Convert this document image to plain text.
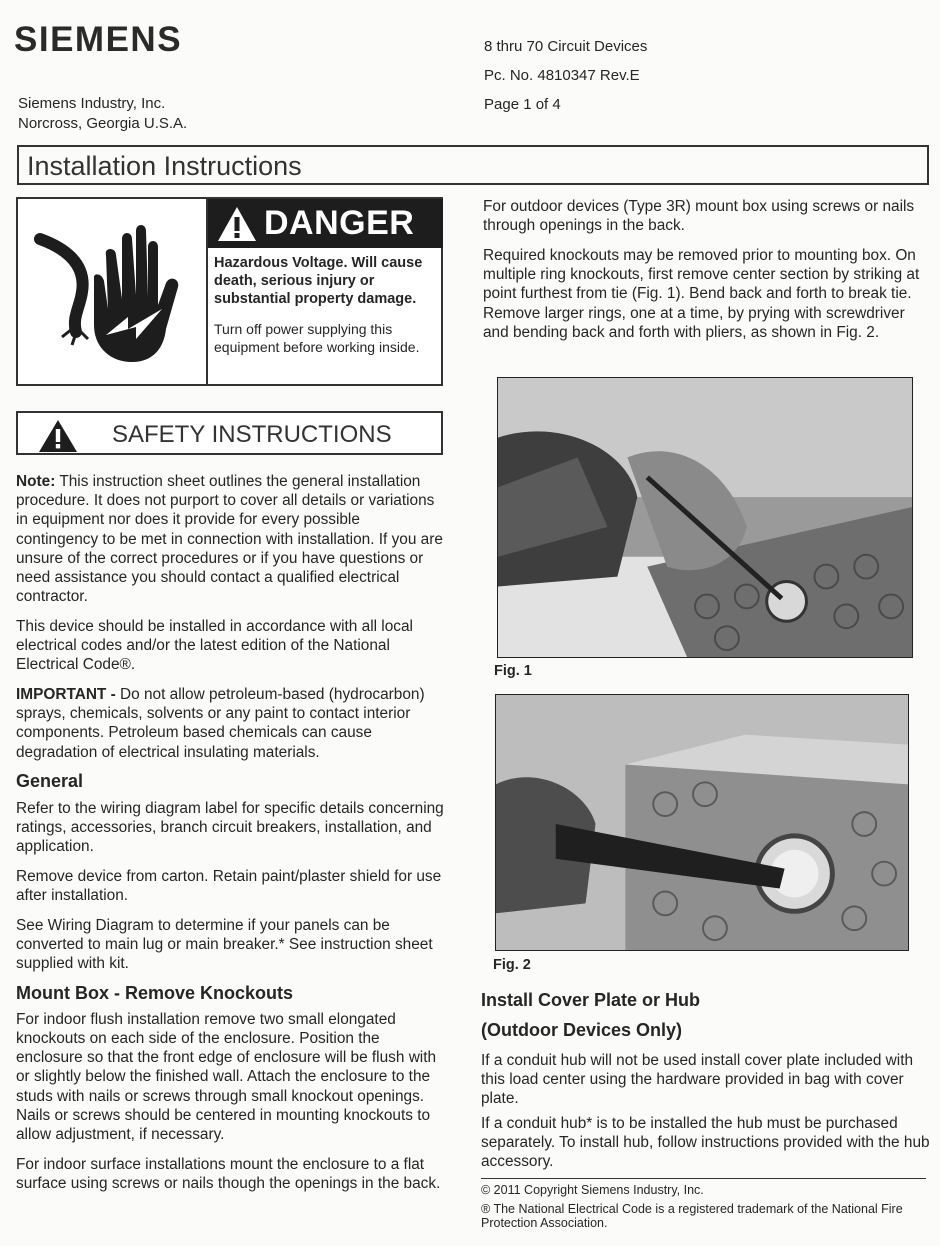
SIEMENS
Siemens Industry, Inc.
Norcross, Georgia U.S.A.
8 thru 70 Circuit Devices
Pc. No. 4810347 Rev.E
Page 1 of 4
Installation Instructions
DANGER
Hazardous Voltage. Will cause death, serious injury or substantial property damage.
Turn off power supplying this equipment before working inside.
SAFETY INSTRUCTIONS

Note: This instruction sheet outlines the general installation procedure. It does not purport to cover all details or variations in equipment nor does it provide for every possible contingency to be met in connection with installation. If you are unsure of the correct procedures or if you have questions or need assistance you should contact a qualified electrical contractor.

This device should be installed in accordance with all local electrical codes and/or the latest edition of the National Electrical Code®.

IMPORTANT - Do not allow petroleum-based (hydrocarbon) sprays, chemicals, solvents or any paint to contact interior components. Petroleum based chemicals can cause degradation of electrical insulating materials.

General

Refer to the wiring diagram label for specific details concerning ratings, accessories, branch circuit breakers, installation, and application.

Remove device from carton. Retain paint/plaster shield for use after installation.

See Wiring Diagram to determine if your panels can be converted to main lug or main breaker.* See instruction sheet supplied with kit.

Mount Box - Remove Knockouts

For indoor flush installation remove two small elongated knockouts on each side of the enclosure. Position the enclosure so that the front edge of enclosure will be flush with or slightly below the finished wall. Attach the enclosure to the studs with nails or screws through small knockout openings. Nails or screws should be centered in mounting knockouts to allow adjustment, if necessary.

For indoor surface installations mount the enclosure to a flat surface using screws or nails though the openings in the back.

For outdoor devices (Type 3R) mount box using screws or nails through openings in the back.

Required knockouts may be removed prior to mounting box. On multiple ring knockouts, first remove center section by striking at point furthest from tie (Fig. 1). Bend back and forth to break tie. Remove larger rings, one at a time, by prying with screwdriver and bending back and forth with pliers, as shown in Fig. 2.

Fig. 1
Fig. 2
Install Cover Plate or Hub
(Outdoor Devices Only)

If a conduit hub will not be used install cover plate included with this load center using the hardware provided in bag with cover plate.

If a conduit hub* is to be installed the hub must be purchased separately. To install hub, follow instructions provided with the hub accessory.

© 2011 Copyright Siemens Industry, Inc.
® The National Electrical Code is a registered trademark of the National Fire Protection Association.
